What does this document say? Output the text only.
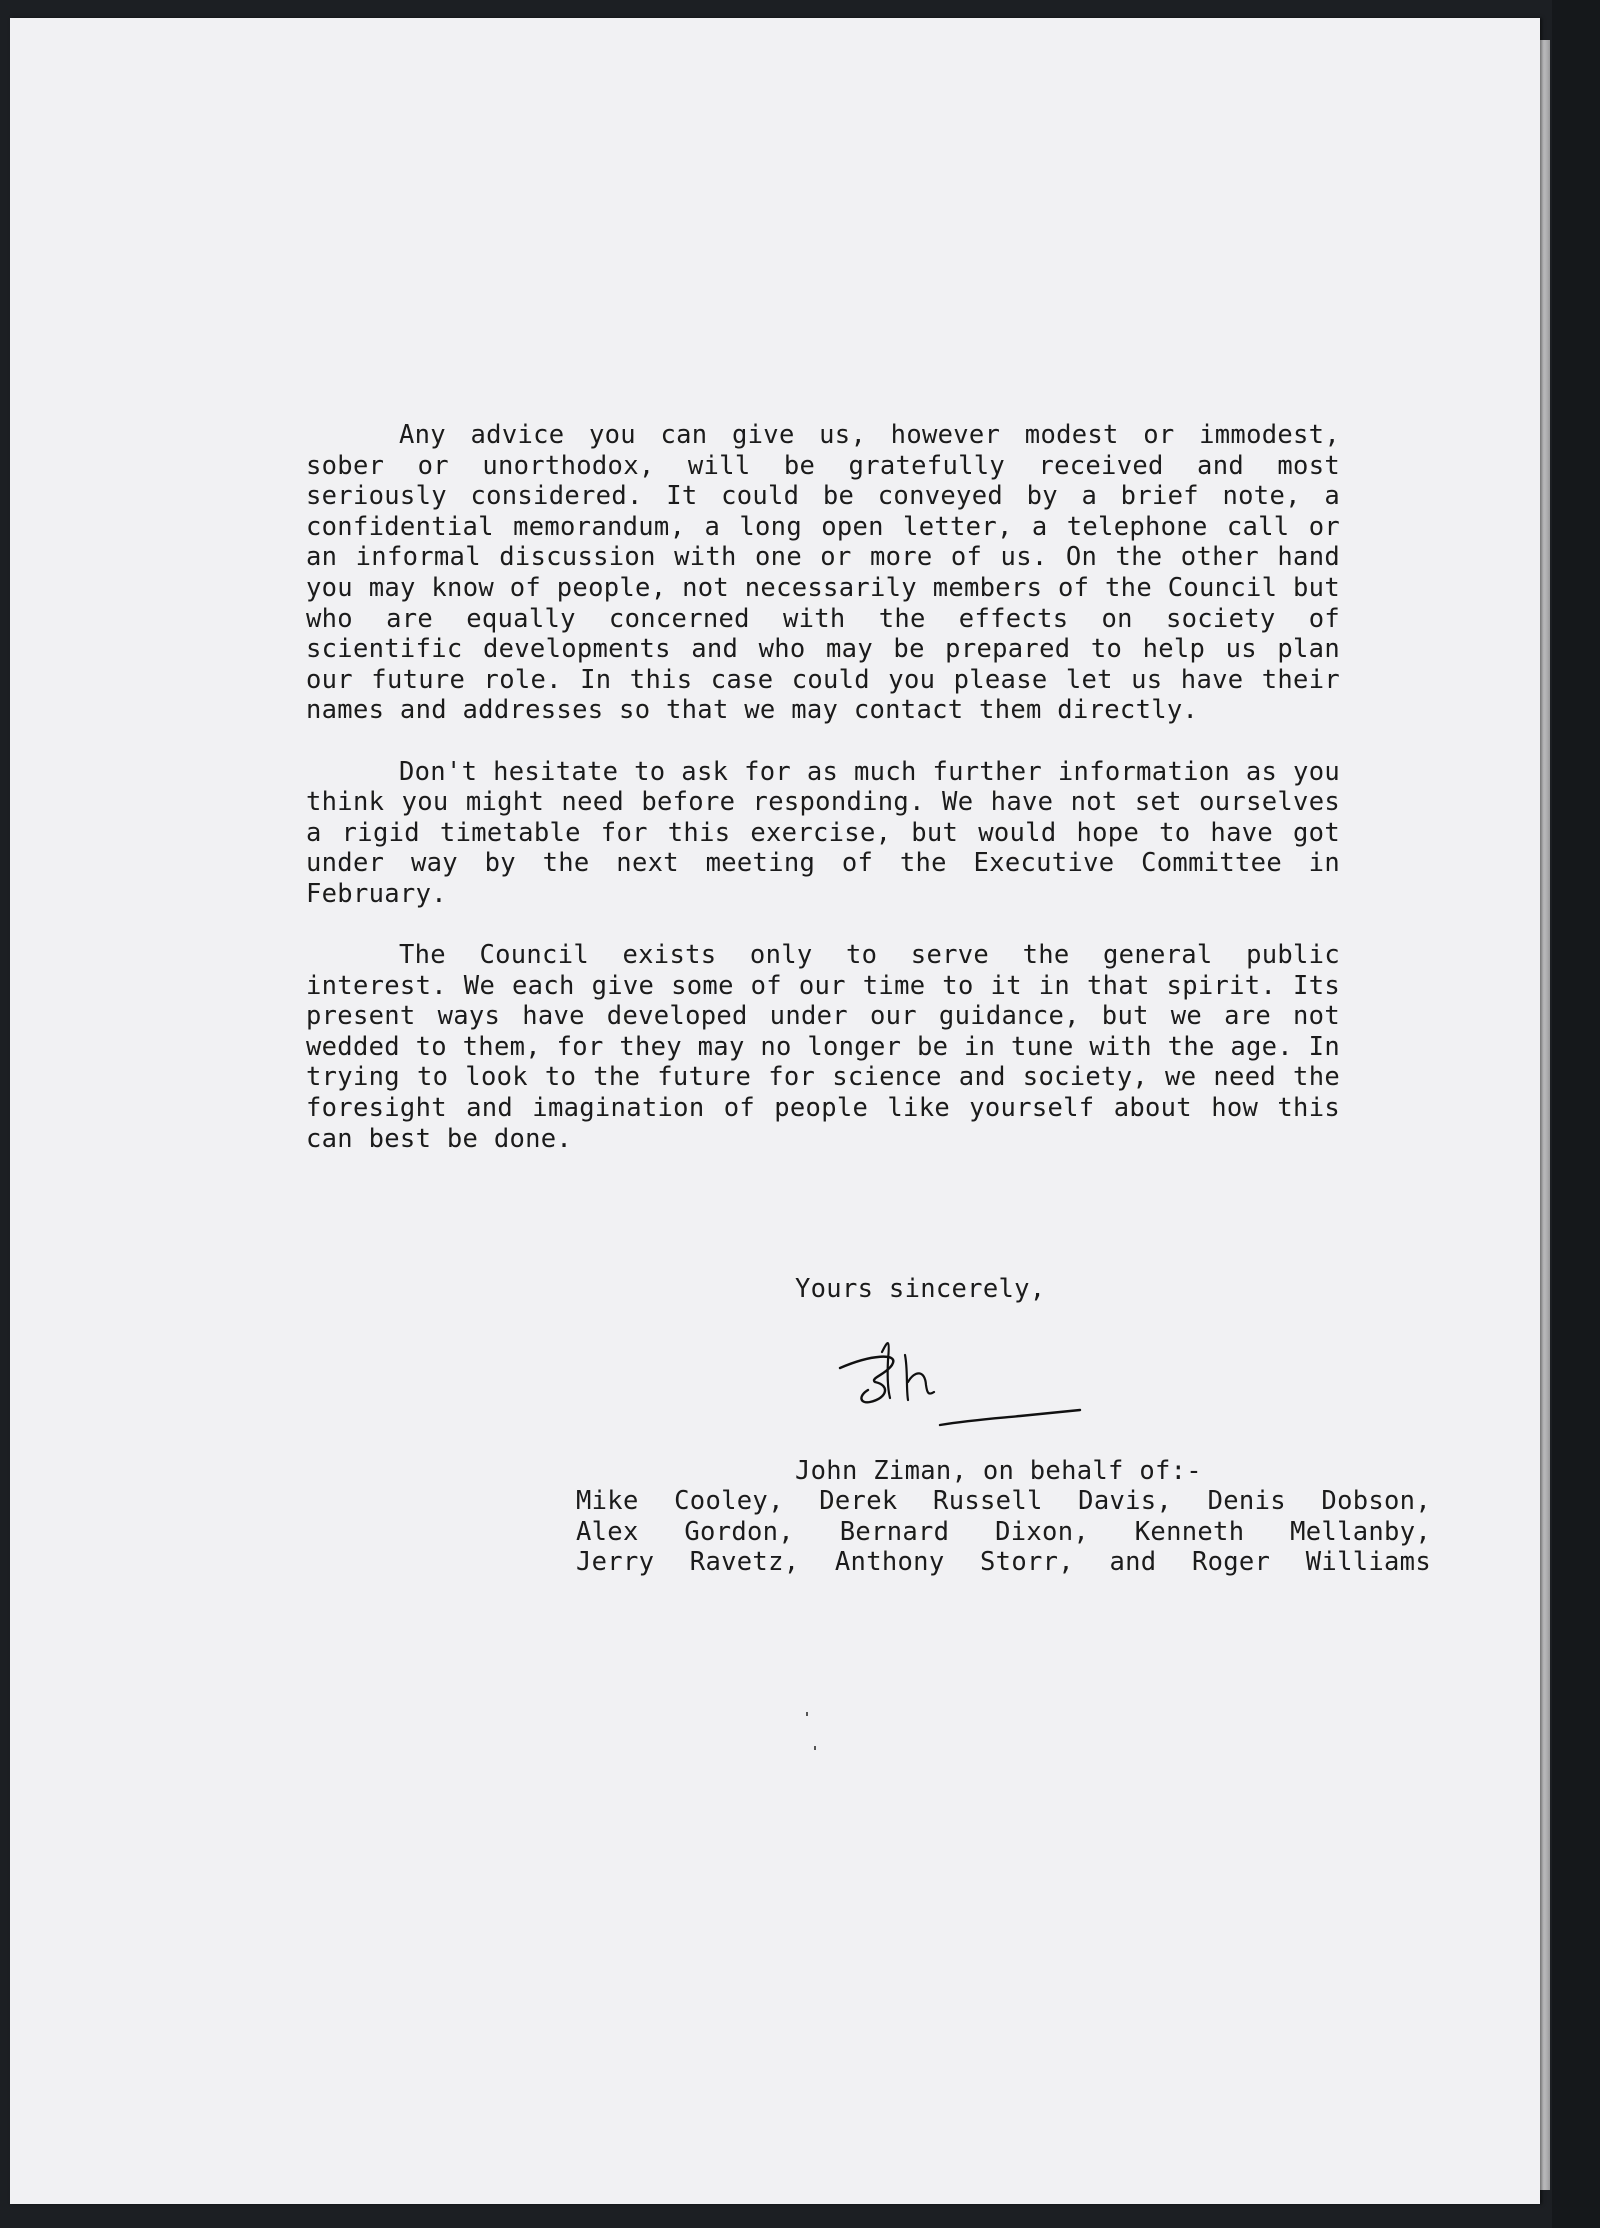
Any advice you can give us, however modest or immodest, sober or unorthodox, will be gratefully received and most seriously considered. It could be conveyed by a brief note, a confidential memorandum, a long open letter, a telephone call or an informal discussion with one or more of us. On the other hand you may know of people, not necessarily members of the Council but who are equally concerned with the effects on society of scientific developments and who may be prepared to help us plan our future role. In this case could you please let us have their names and addresses so that we may contact them directly.

Don't hesitate to ask for as much further information as you think you might need before responding. We have not set ourselves a rigid timetable for this exercise, but would hope to have got under way by the next meeting of the Executive Committee in February.

The Council exists only to serve the general public interest. We each give some of our time to it in that spirit. Its present ways have developed under our guidance, but we are not wedded to them, for they may no longer be in tune with the age. In trying to look to the future for science and society, we need the foresight and imagination of people like yourself about how this can best be done.

Yours sincerely,
John Ziman, on behalf of:-
Mike Cooley, Derek Russell Davis, Denis Dobson,
Alex Gordon, Bernard Dixon, Kenneth Mellanby,
Jerry Ravetz, Anthony Storr, and Roger Williams
